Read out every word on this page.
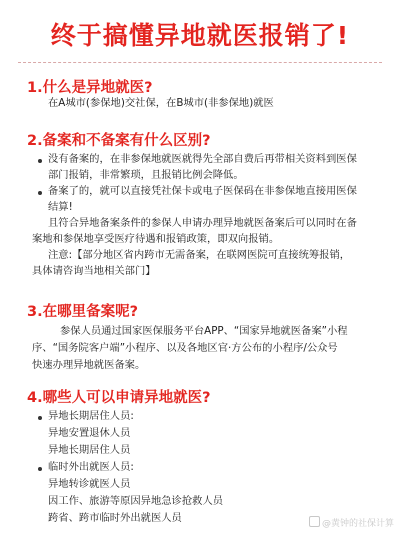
终于搞懂异地就医报销了!
1.什么是异地就医?
在A城市(参保地)交社保，在B城市(非参保地)就医
2.备案和不备案有什么区别?
没有备案的，在非参保地就医就得先全部自费后再带相关资料到医保
部门报销，非常繁琐，且报销比例会降低。
备案了的，就可以直接凭社保卡或电子医保码在非参保地直接用医保
结算!
且符合异地备案条件的参保人申请办理异地就医备案后可以同时在备
案地和参保地享受医疗待遇和报销政策，即双向报销。
注意:【部分地区省内跨市无需备案，在联网医院可直接统筹报销，
具体请咨询当地相关部门】
3.在哪里备案呢?
参保人员通过国家医保服务平台APP、“国家异地就医备案”小程
序、“国务院客户端”小程序、以及各地区官·方公布的小程序/公众号
快速办理异地就医备案。
4.哪些人可以申请异地就医?
异地长期居住人员:
异地安置退休人员
异地长期居住人员
临时外出就医人员:
异地转诊就医人员
因工作、旅游等原因异地急诊抢救人员
跨省、跨市临时外出就医人员	@黄钟的社保计算
